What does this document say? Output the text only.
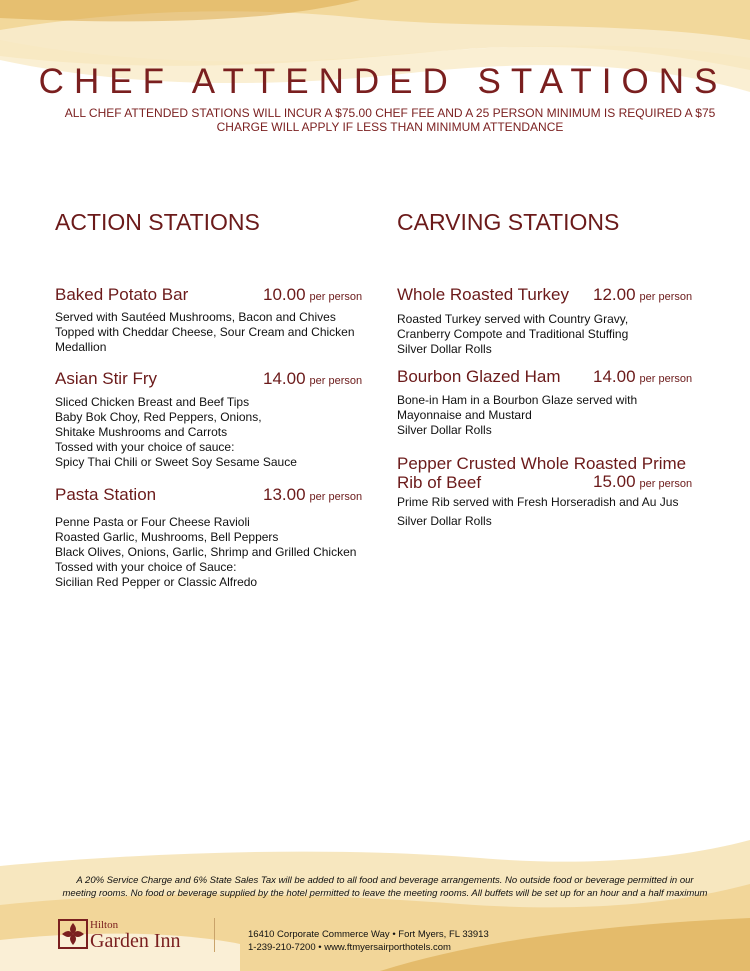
CHEF ATTENDED STATIONS
ALL CHEF ATTENDED STATIONS WILL INCUR A $75.00 CHEF FEE AND A 25 PERSON MINIMUM IS REQUIRED A $75 CHARGE WILL APPLY IF LESS THAN MINIMUM ATTENDANCE
ACTION STATIONS	CARVING STATIONS
Baked Potato Bar	10.00 per person
Served with Sautéed Mushrooms, Bacon and Chives
Topped with Cheddar Cheese, Sour Cream and Chicken
Medallion
Asian Stir Fry	14.00 per person
Sliced Chicken Breast and Beef Tips
Baby Bok Choy, Red Peppers, Onions,
Shitake Mushrooms and Carrots
Tossed with your choice of sauce:
Spicy Thai Chili or Sweet Soy Sesame Sauce
Pasta Station	13.00 per person
Penne Pasta or Four Cheese Ravioli
Roasted Garlic, Mushrooms, Bell Peppers
Black Olives, Onions, Garlic, Shrimp and Grilled Chicken
Tossed with your choice of Sauce:
Sicilian Red Pepper or Classic Alfredo
Whole Roasted Turkey 12.00 per person
Roasted Turkey served with Country Gravy,
Cranberry Compote and Traditional Stuffing
Silver Dollar Rolls
Bourbon Glazed Ham 14.00 per person
Bone-in Ham in a Bourbon Glaze served with
Mayonnaise and Mustard
Silver Dollar Rolls
Pepper Crusted Whole Roasted Prime
Rib of Beef	15.00 per person
Prime Rib served with Fresh Horseradish and Au Jus
Silver Dollar Rolls
A 20% Service Charge and 6% State Sales Tax will be added to all food and beverage arrangements. No outside food or beverage permitted in our
meeting rooms. No food or beverage supplied by the hotel permitted to leave the meeting rooms. All buffets will be set up for an hour and a half maximum
Hilton
Garden Inn	16410 Corporate Commerce Way • Fort Myers, FL 33913
1-239-210-7200 • www.ftmyersairporthotels.com
